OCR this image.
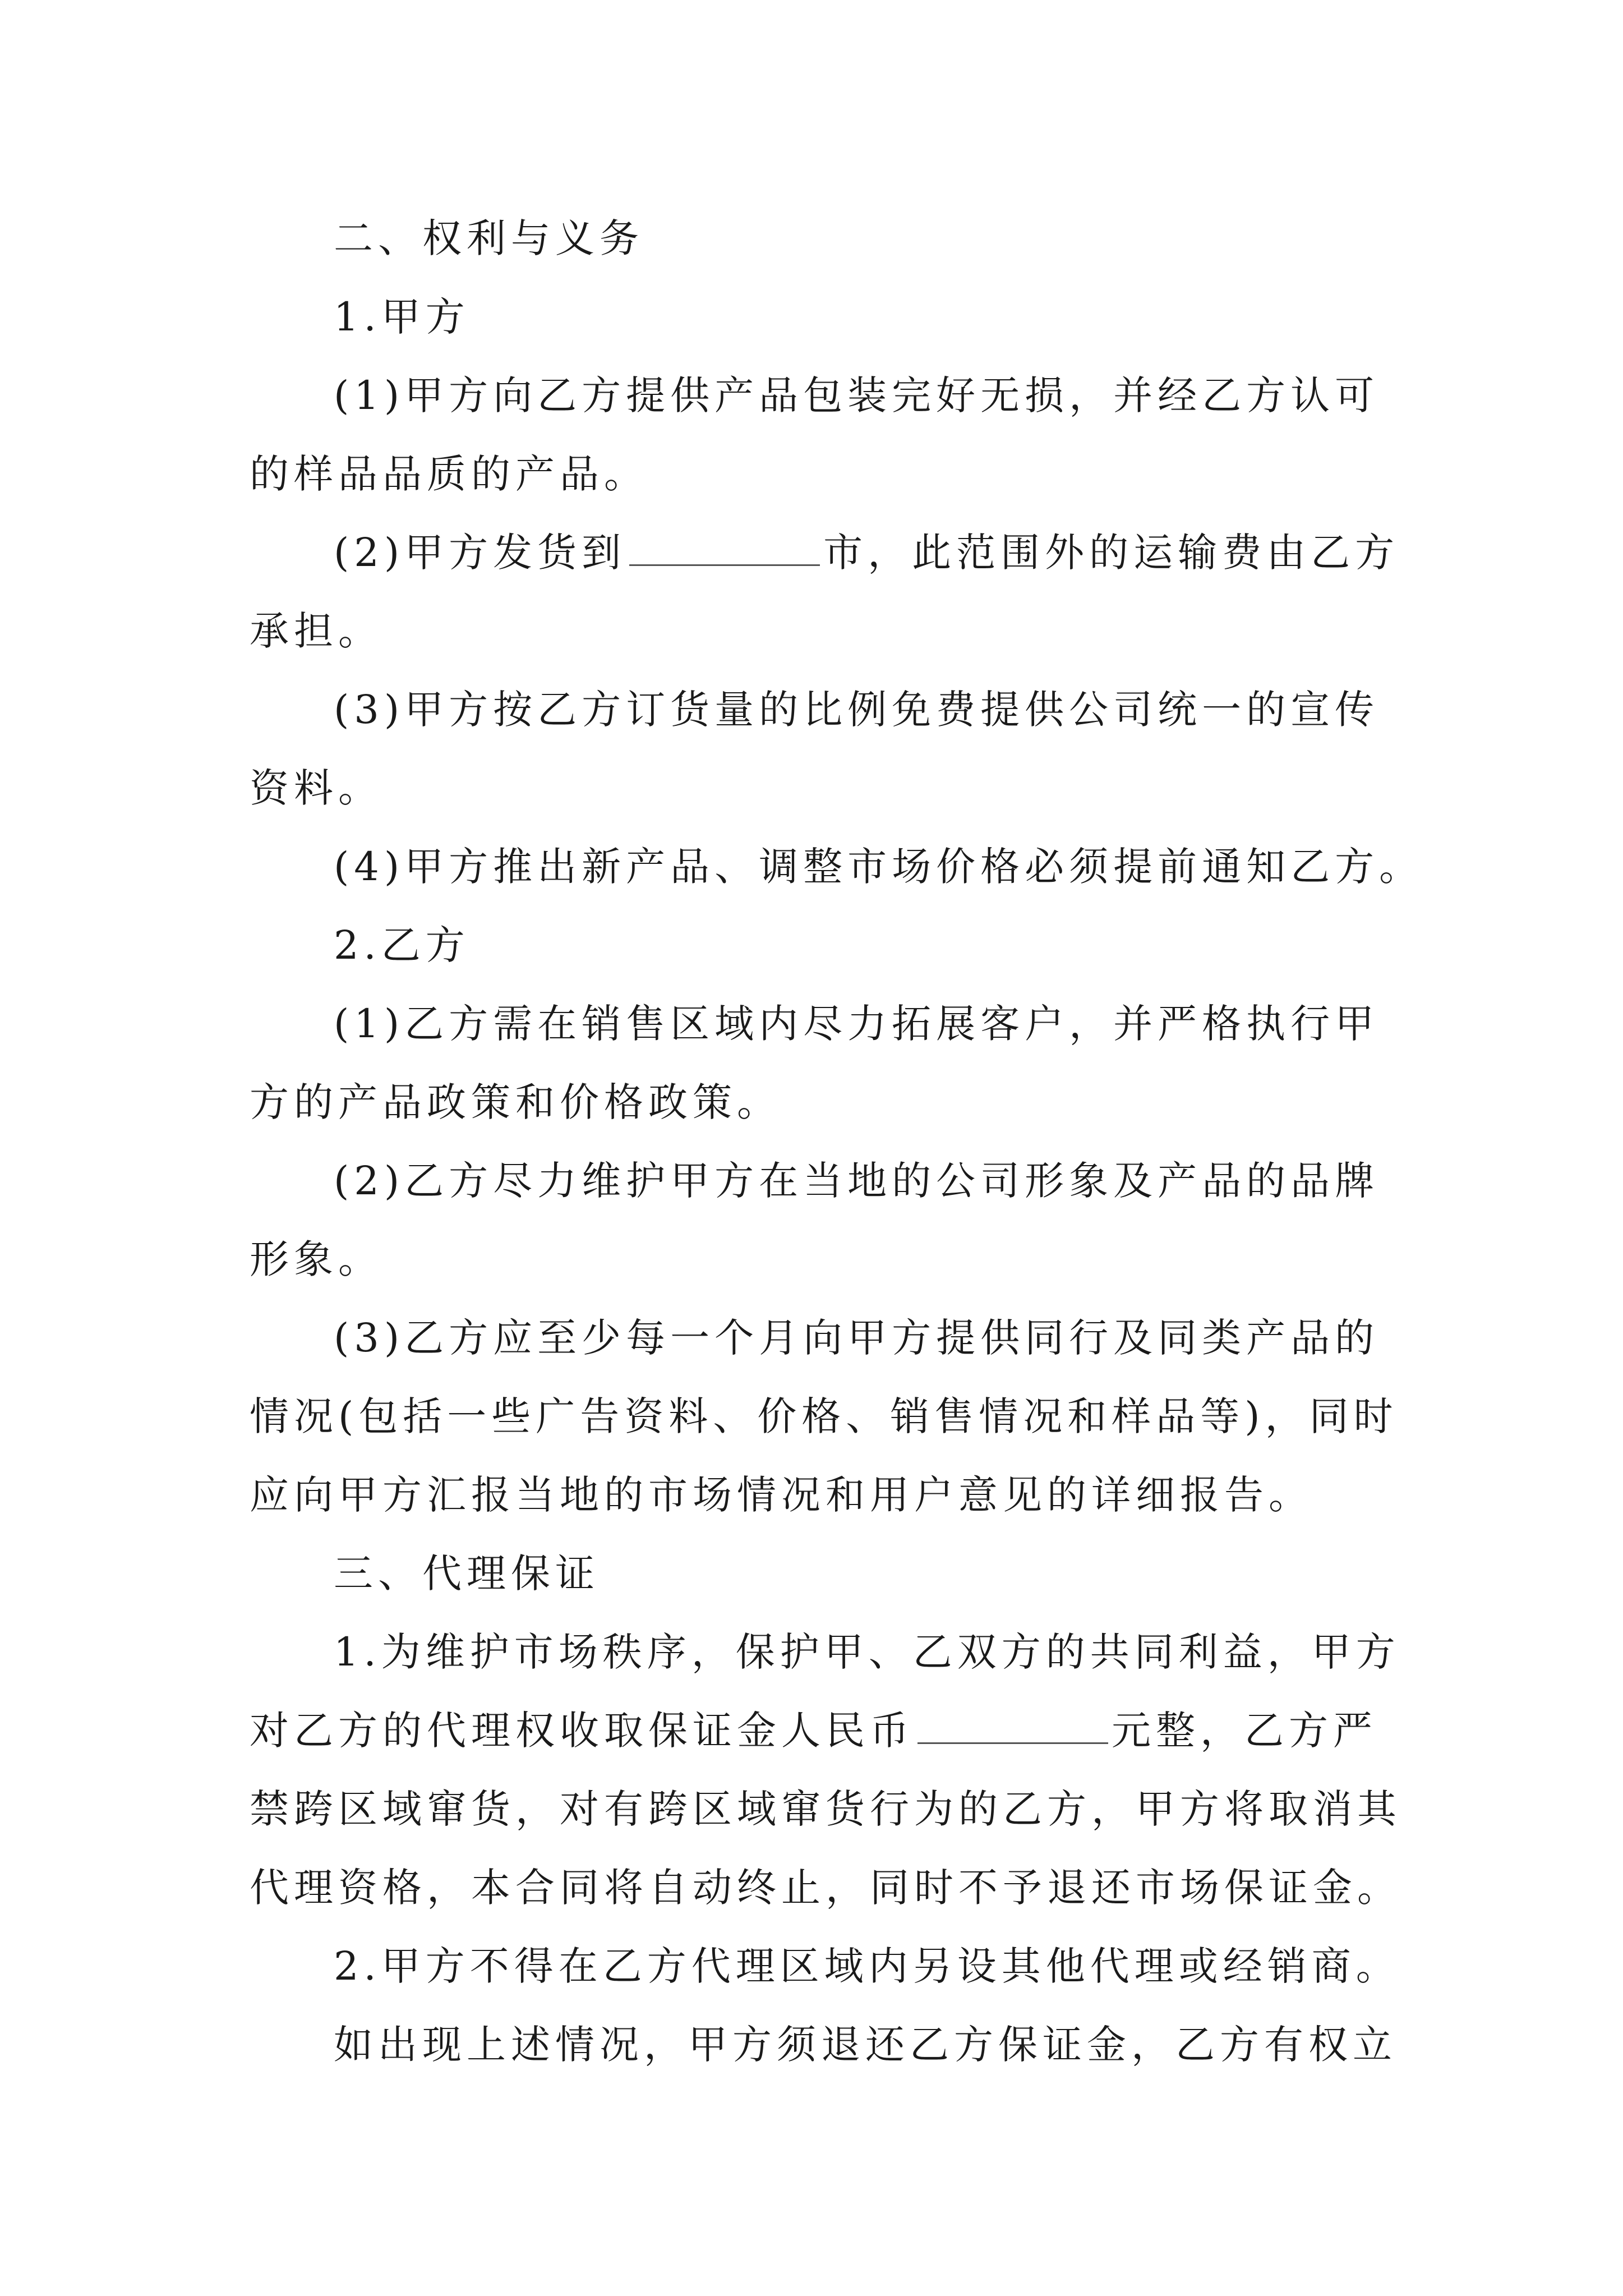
二、权利与义务
1.甲方
(1)甲方向乙方提供产品包装完好无损，并经乙方认可
的样品品质的产品。
(2)甲方发货到	市，此范围外的运输费由乙方
承担。
(3)甲方按乙方订货量的比例免费提供公司统一的宣传
资料。
(4)甲方推出新产品、调整市场价格必须提前通知乙方。
2.乙方
(1)乙方需在销售区域内尽力拓展客户，并严格执行甲
方的产品政策和价格政策。
(2)乙方尽力维护甲方在当地的公司形象及产品的品牌
形象。
(3)乙方应至少每一个月向甲方提供同行及同类产品的
情况(包括一些广告资料、价格、销售情况和样品等)，同时
应向甲方汇报当地的市场情况和用户意见的详细报告。
三、代理保证
1.为维护市场秩序，保护甲、乙双方的共同利益，甲方
对乙方的代理权收取保证金人民币	元整，乙方严
禁跨区域窜货，对有跨区域窜货行为的乙方，甲方将取消其
代理资格，本合同将自动终止，同时不予退还市场保证金。
2.甲方不得在乙方代理区域内另设其他代理或经销商。
如出现上述情况，甲方须退还乙方保证金，乙方有权立
